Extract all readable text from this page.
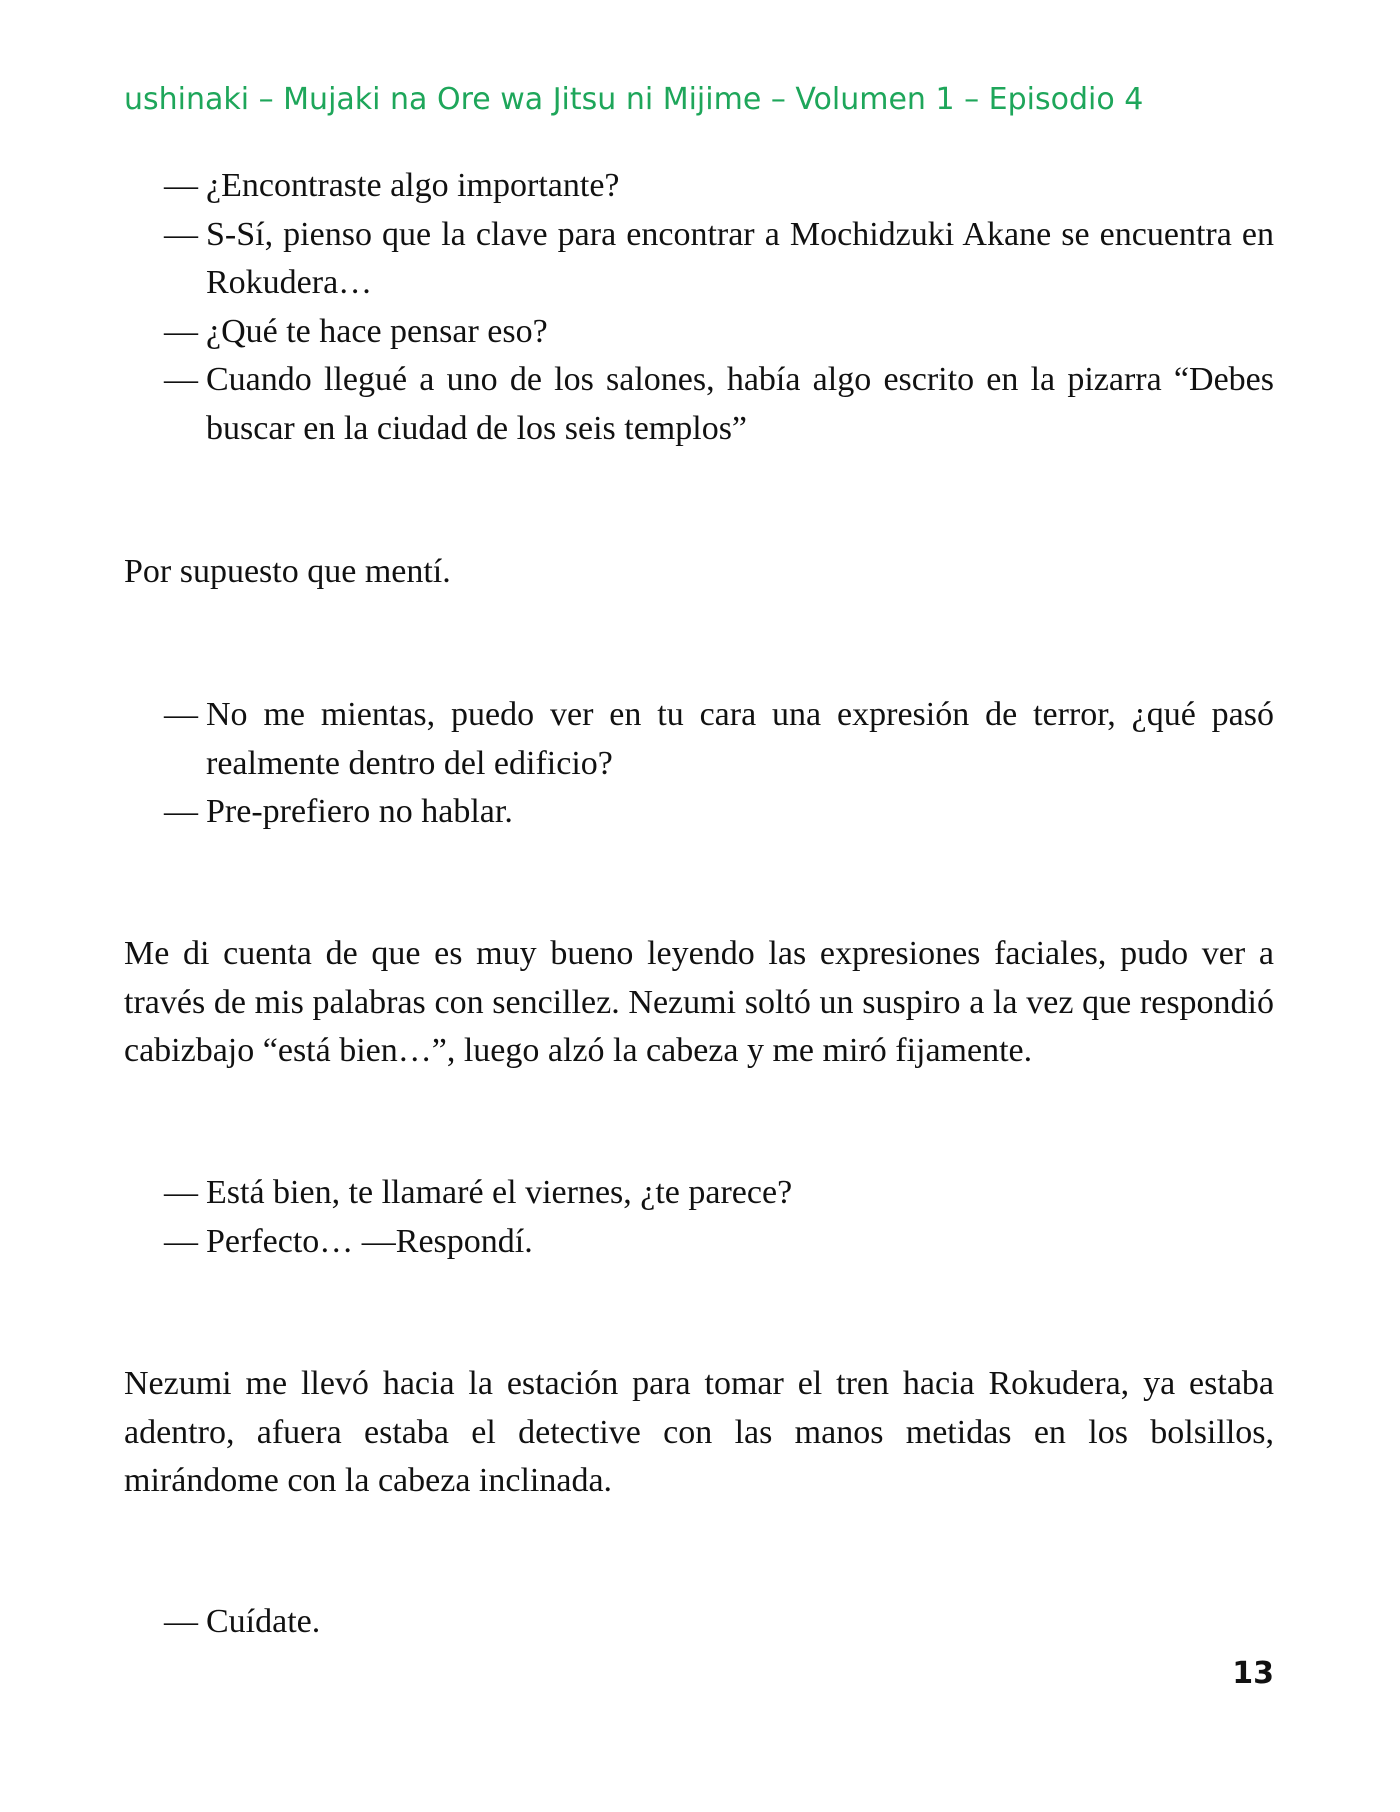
ushinaki – Mujaki na Ore wa Jitsu ni Mijime – Volumen 1 – Episodio 4
— ¿Encontraste algo importante?
— S-Sí, pienso que la clave para encontrar a Mochidzuki Akane se encuentra en Rokudera…
— ¿Qué te hace pensar eso?
— Cuando llegué a uno de los salones, había algo escrito en la pizarra “Debes buscar en la ciudad de los seis templos”
Por supuesto que mentí.
— No me mientas, puedo ver en tu cara una expresión de terror, ¿qué pasó realmente dentro del edificio?
— Pre-prefiero no hablar.
Me di cuenta de que es muy bueno leyendo las expresiones faciales, pudo ver a través de mis palabras con sencillez. Nezumi soltó un suspiro a la vez que respondió cabizbajo “está bien…”, luego alzó la cabeza y me miró fijamente.
— Está bien, te llamaré el viernes, ¿te parece?
— Perfecto… —Respondí.
Nezumi me llevó hacia la estación para tomar el tren hacia Rokudera, ya estaba adentro, afuera estaba el detective con las manos metidas en los bolsillos, mirándome con la cabeza inclinada.
— Cuídate.
13
